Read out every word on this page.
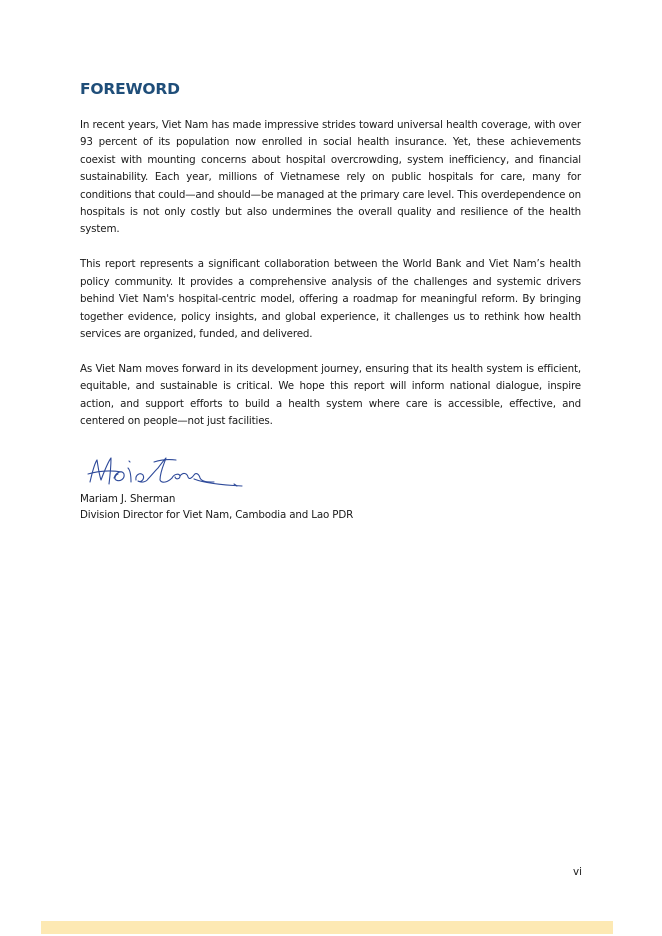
FOREWORD

In recent years, Viet Nam has made impressive strides toward universal health coverage, with over 93 percent of its population now enrolled in social health insurance. Yet, these achievements coexist with mounting concerns about hospital overcrowding, system inefficiency, and financial sustainability. Each year, millions of Vietnamese rely on public hospitals for care, many for conditions that could—and should—be managed at the primary care level. This overdependence on hospitals is not only costly but also undermines the overall quality and resilience of the health system.

This report represents a significant collaboration between the World Bank and Viet Nam’s health policy community. It provides a comprehensive analysis of the challenges and systemic drivers behind Viet Nam's hospital-centric model, offering a roadmap for meaningful reform. By bringing together evidence, policy insights, and global experience, it challenges us to rethink how health services are organized, funded, and delivered.

As Viet Nam moves forward in its development journey, ensuring that its health system is efficient, equitable, and sustainable is critical. We hope this report will inform national dialogue, inspire action, and support efforts to build a health system where care is accessible, effective, and centered on people—not just facilities.

Mariam J. Sherman
Division Director for Viet Nam, Cambodia and Lao PDR
vi
